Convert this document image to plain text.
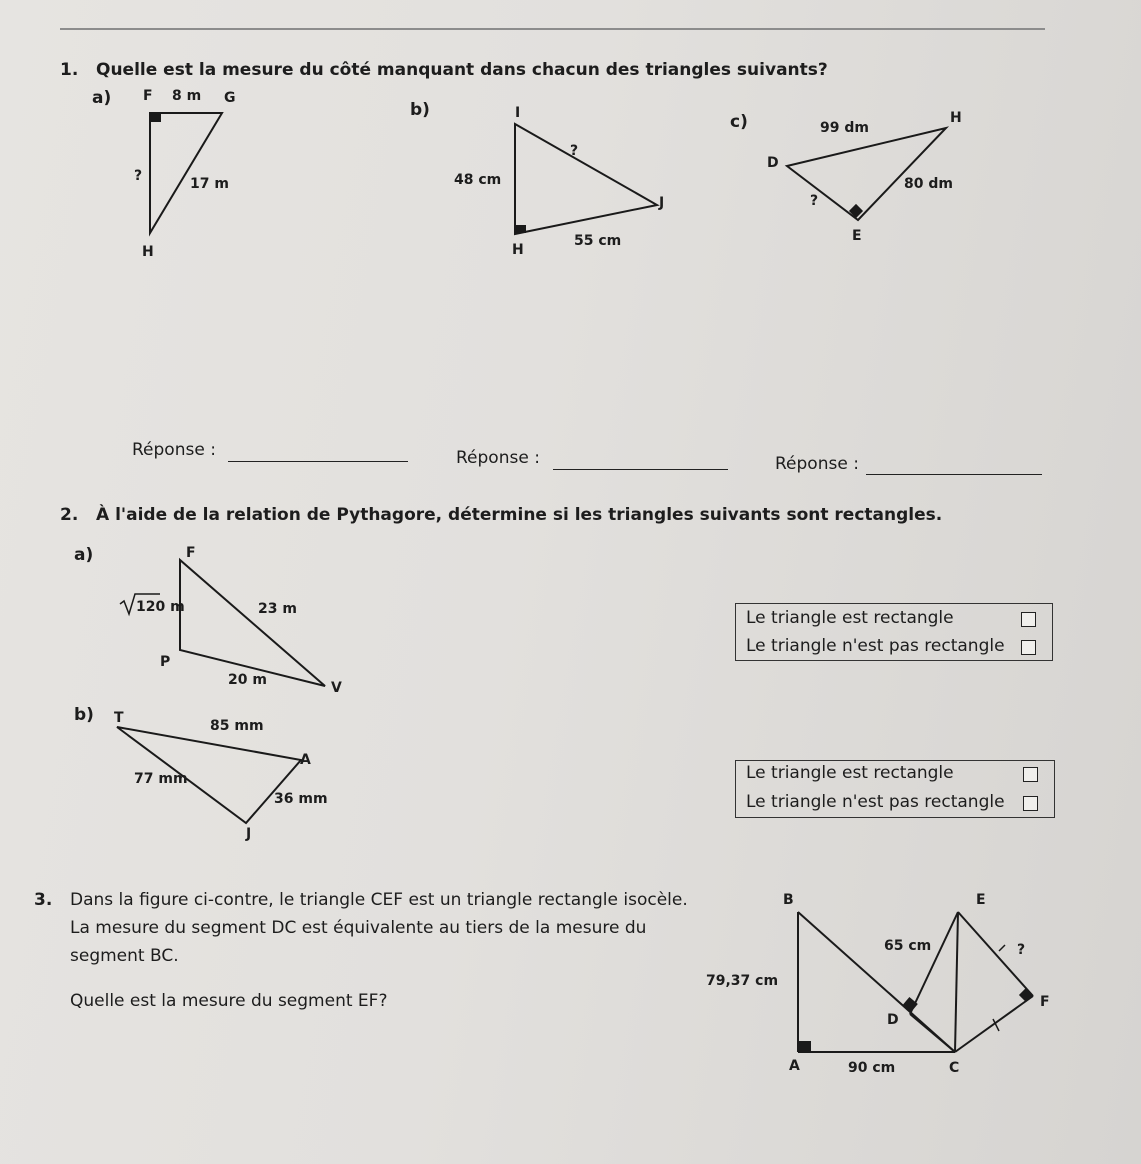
1. Quelle est la mesure du côté manquant dans chacun des triangles suivants?
a) F 8 m G
?	17 m
H
b)	I
?
48 cm
J
55 cm
H
c)	99 dm
H
D
80 dm
?
E
Réponse :	Réponse :	Réponse :
2. À l'aide de la relation de Pythagore, détermine si les triangles suivants sont rectangles.
a)	F
120 m	23 m
P
20 m	V
Le triangle est rectangle
Le triangle n'est pas rectangle
b) T	85 mm
A
77 mm
36 mm
J
Le triangle est rectangle
Le triangle n'est pas rectangle
3. Dans la figure ci-contre, le triangle CEF est un triangle rectangle isocèle.
La mesure du segment DC est équivalente au tiers de la mesure du
segment BC.
Quelle est la mesure du segment EF?
B	E
65 cm	?
79,37 cm
F
D
A	90 cm	C
